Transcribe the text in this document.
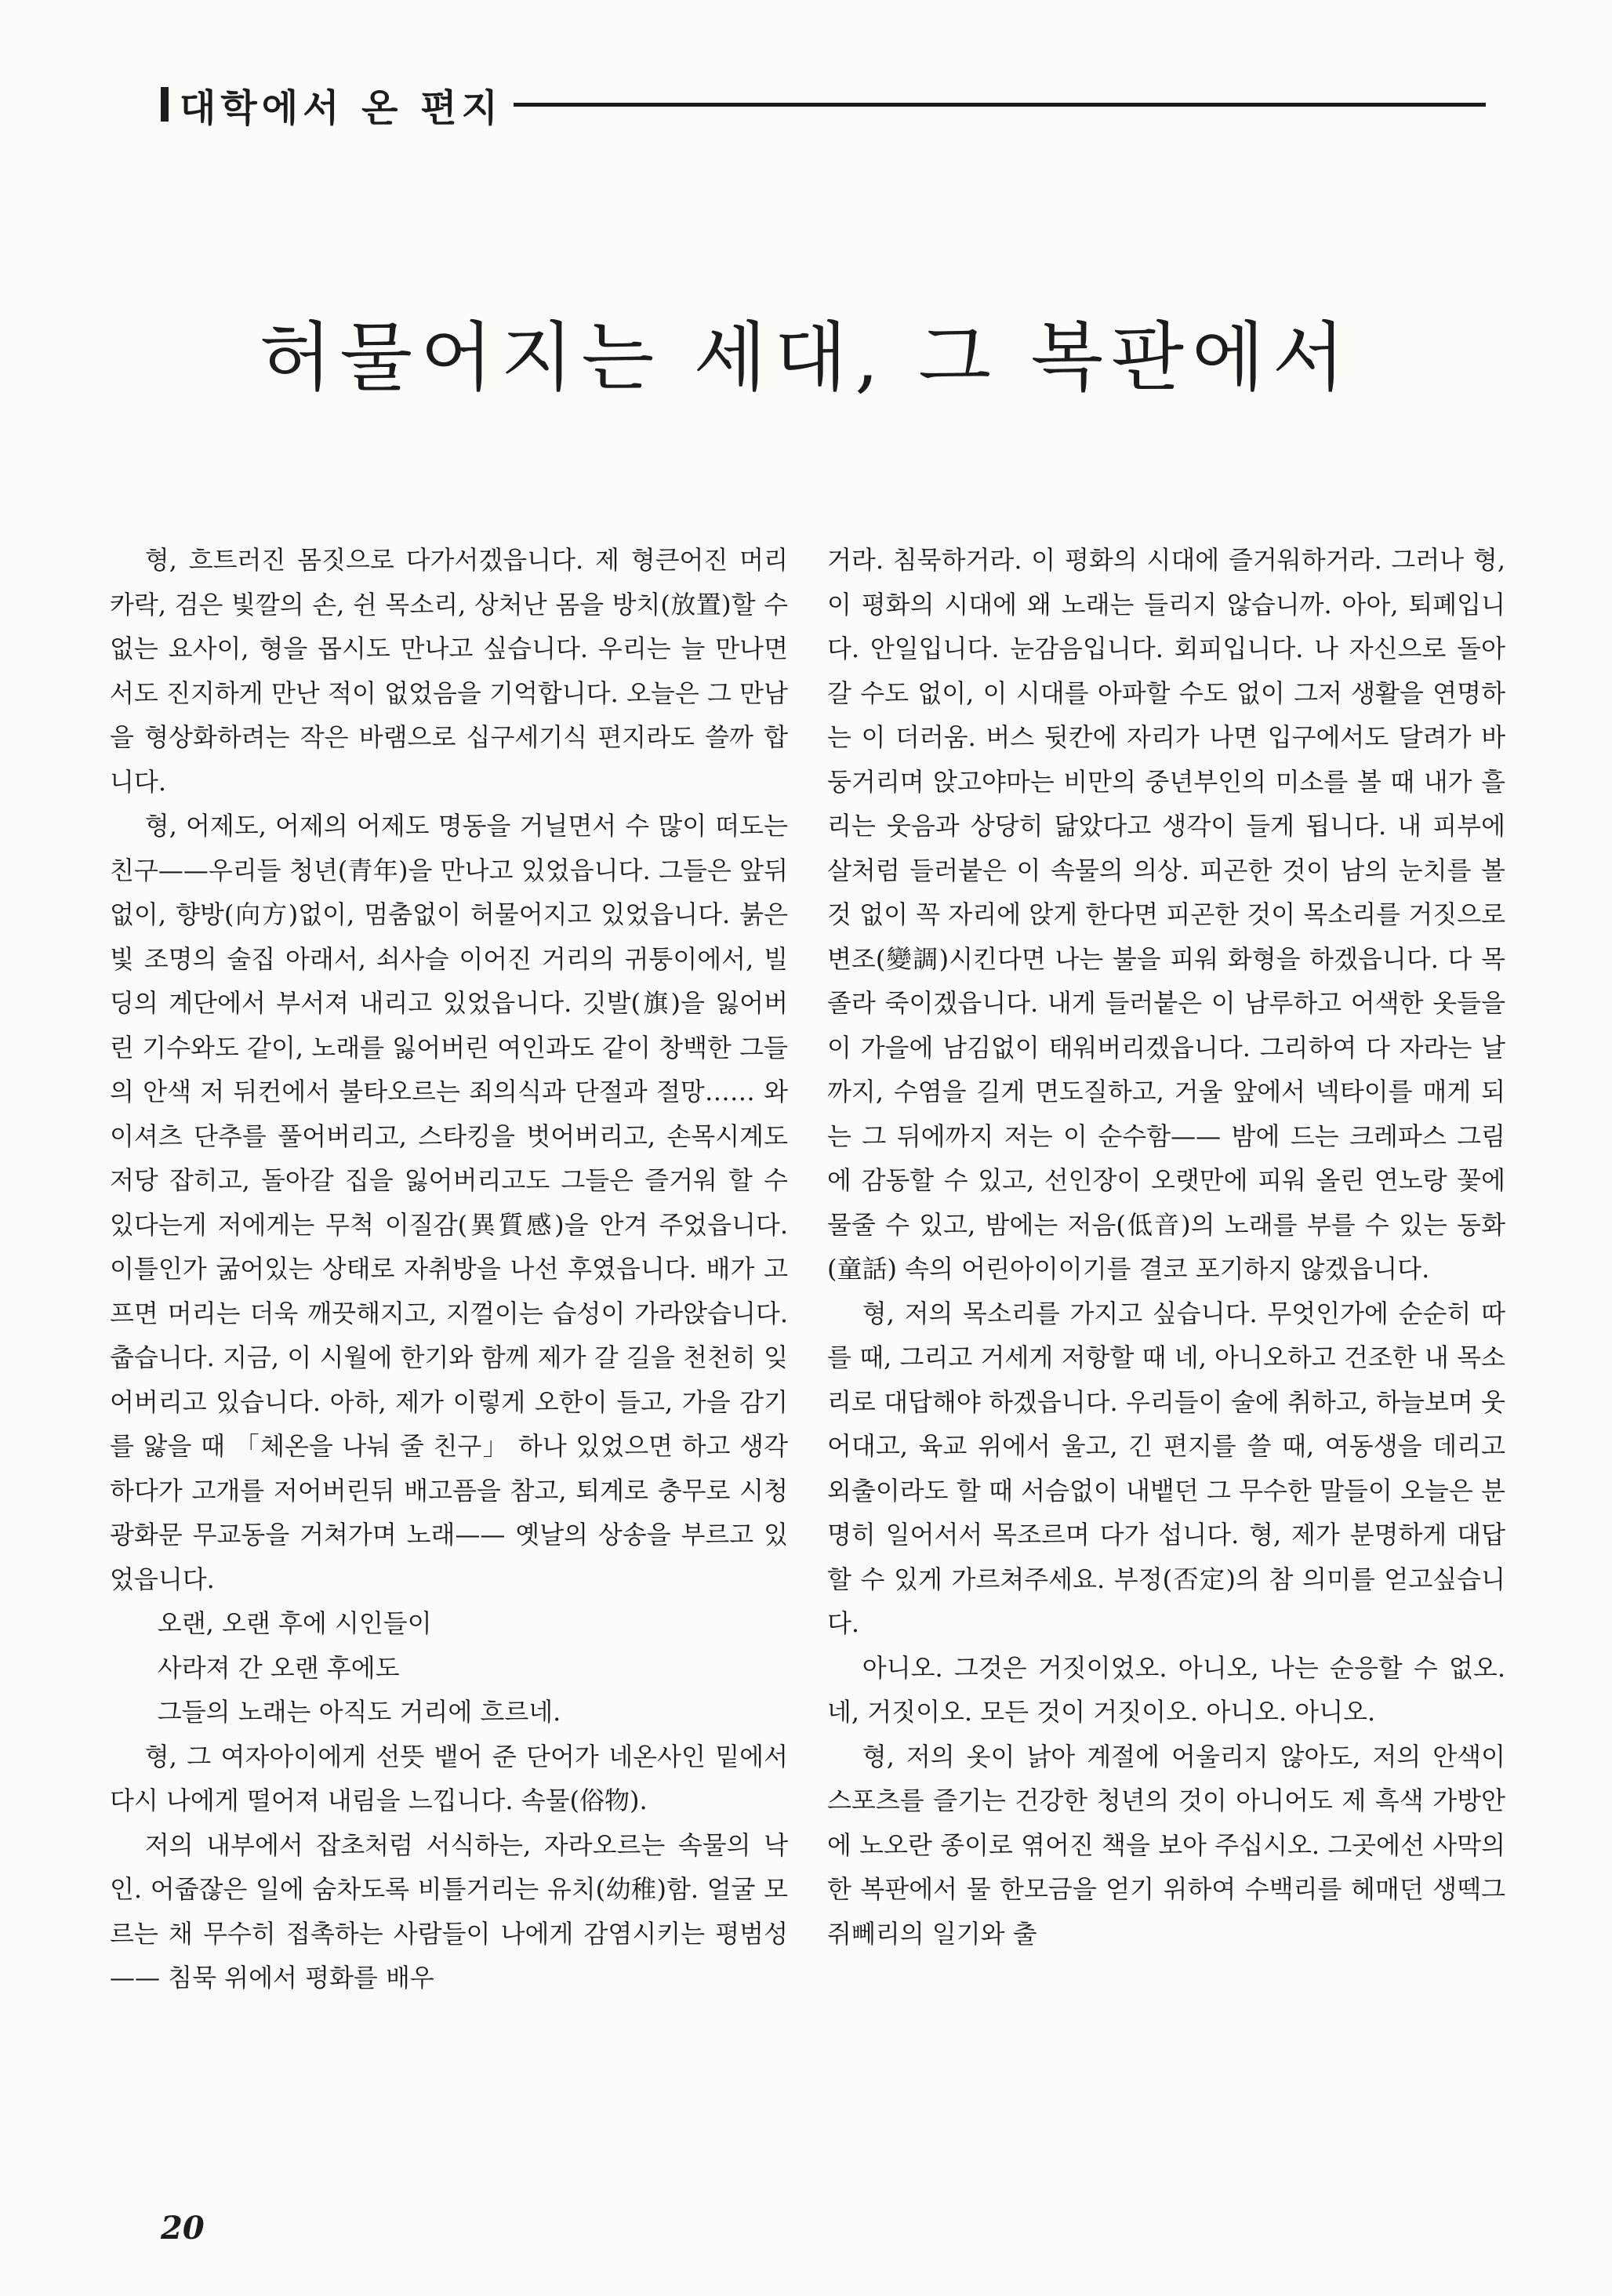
대학에서 온 편지
허물어지는 세대, 그 복판에서

형, 흐트러진 몸짓으로 다가서겠읍니다. 제 형큰어진 머리카락, 검은 빛깔의 손, 쉰 목소리, 상처난 몸을 방치(放置)할 수 없는 요사이, 형을 몹시도 만나고 싶습니다. 우리는 늘 만나면서도 진지하게 만난 적이 없었음을 기억합니다. 오늘은 그 만남을 형상화하려는 작은 바램으로 십구세기식 편지라도 쓸까 합니다.

형, 어제도, 어제의 어제도 명동을 거닐면서 수 많이 떠도는 친구——우리들 청년(青年)을 만나고 있었읍니다. 그들은 앞뒤없이, 향방(向方)없이, 멈춤없이 허물어지고 있었읍니다. 붉은 빛 조명의 술집 아래서, 쇠사슬 이어진 거리의 귀퉁이에서, 빌딩의 계단에서 부서져 내리고 있었읍니다. 깃발(旗)을 잃어버린 기수와도 같이, 노래를 잃어버린 여인과도 같이 창백한 그들의 안색 저 뒤컨에서 불타오르는 죄의식과 단절과 절망…… 와이셔츠 단추를 풀어버리고, 스타킹을 벗어버리고, 손목시계도 저당 잡히고, 돌아갈 집을 잃어버리고도 그들은 즐거워 할 수 있다는게 저에게는 무척 이질감(異質感)을 안겨 주었읍니다. 이틀인가 굶어있는 상태로 자취방을 나선 후였읍니다. 배가 고프면 머리는 더욱 깨끗해지고, 지껄이는 습성이 가라앉습니다. 춥습니다. 지금, 이 시월에 한기와 함께 제가 갈 길을 천천히 잊어버리고 있습니다. 아하, 제가 이렇게 오한이 들고, 가을 감기를 앓을 때 「체온을 나눠 줄 친구」 하나 있었으면 하고 생각하다가 고개를 저어버린뒤 배고픔을 참고, 퇴계로 충무로 시청 광화문 무교동을 거쳐가며 노래—— 옛날의 상송을 부르고 있었읍니다.

오랜, 오랜 후에 시인들이

사라져 간 오랜 후에도

그들의 노래는 아직도 거리에 흐르네.

형, 그 여자아이에게 선뜻 뱉어 준 단어가 네온사인 밑에서 다시 나에게 떨어져 내림을 느낍니다. 속물(俗物).

저의 내부에서 잡초처럼 서식하는, 자라오르는 속물의 낙인. 어줍잖은 일에 숨차도록 비틀거리는 유치(幼稚)함. 얼굴 모르는 채 무수히 접촉하는 사람들이 나에게 감염시키는 평범성—— 침묵 위에서 평화를 배우

거라. 침묵하거라. 이 평화의 시대에 즐거워하거라. 그러나 형, 이 평화의 시대에 왜 노래는 들리지 않습니까. 아아, 퇴폐입니다. 안일입니다. 눈감음입니다. 회피입니다. 나 자신으로 돌아갈 수도 없이, 이 시대를 아파할 수도 없이 그저 생활을 연명하는 이 더러움. 버스 뒷칸에 자리가 나면 입구에서도 달려가 바둥거리며 앉고야마는 비만의 중년부인의 미소를 볼 때 내가 흘리는 웃음과 상당히 닮았다고 생각이 들게 됩니다. 내 피부에 살처럼 들러붙은 이 속물의 의상. 피곤한 것이 남의 눈치를 볼 것 없이 꼭 자리에 앉게 한다면 피곤한 것이 목소리를 거짓으로 변조(變調)시킨다면 나는 불을 피워 화형을 하겠읍니다. 다 목졸라 죽이겠읍니다. 내게 들러붙은 이 남루하고 어색한 옷들을 이 가을에 남김없이 태워버리겠읍니다. 그리하여 다 자라는 날까지, 수염을 길게 면도질하고, 거울 앞에서 넥타이를 매게 되는 그 뒤에까지 저는 이 순수함—— 밤에 드는 크레파스 그림에 감동할 수 있고, 선인장이 오랫만에 피워 올린 연노랑 꽃에 물줄 수 있고, 밤에는 저음(低音)의 노래를 부를 수 있는 동화(童話) 속의 어린아이이기를 결코 포기하지 않겠읍니다.

형, 저의 목소리를 가지고 싶습니다. 무엇인가에 순순히 따를 때, 그리고 거세게 저항할 때 네, 아니오하고 건조한 내 목소리로 대답해야 하겠읍니다. 우리들이 술에 취하고, 하늘보며 웃어대고, 육교 위에서 울고, 긴 편지를 쓸 때, 여동생을 데리고 외출이라도 할 때 서슴없이 내뱉던 그 무수한 말들이 오늘은 분명히 일어서서 목조르며 다가 섭니다. 형, 제가 분명하게 대답할 수 있게 가르쳐주세요. 부정(否定)의 참 의미를 얻고싶습니다.

아니오. 그것은 거짓이었오. 아니오, 나는 순응할 수 없오. 네, 거짓이오. 모든 것이 거짓이오. 아니오. 아니오.

형, 저의 옷이 낡아 계절에 어울리지 않아도, 저의 안색이 스포츠를 즐기는 건강한 청년의 것이 아니어도 제 흑색 가방안에 노오란 종이로 엮어진 책을 보아 주십시오. 그곳에선 사막의 한 복판에서 물 한모금을 얻기 위하여 수백리를 헤매던 생떽그쥐뻬리의 일기와 출

20
